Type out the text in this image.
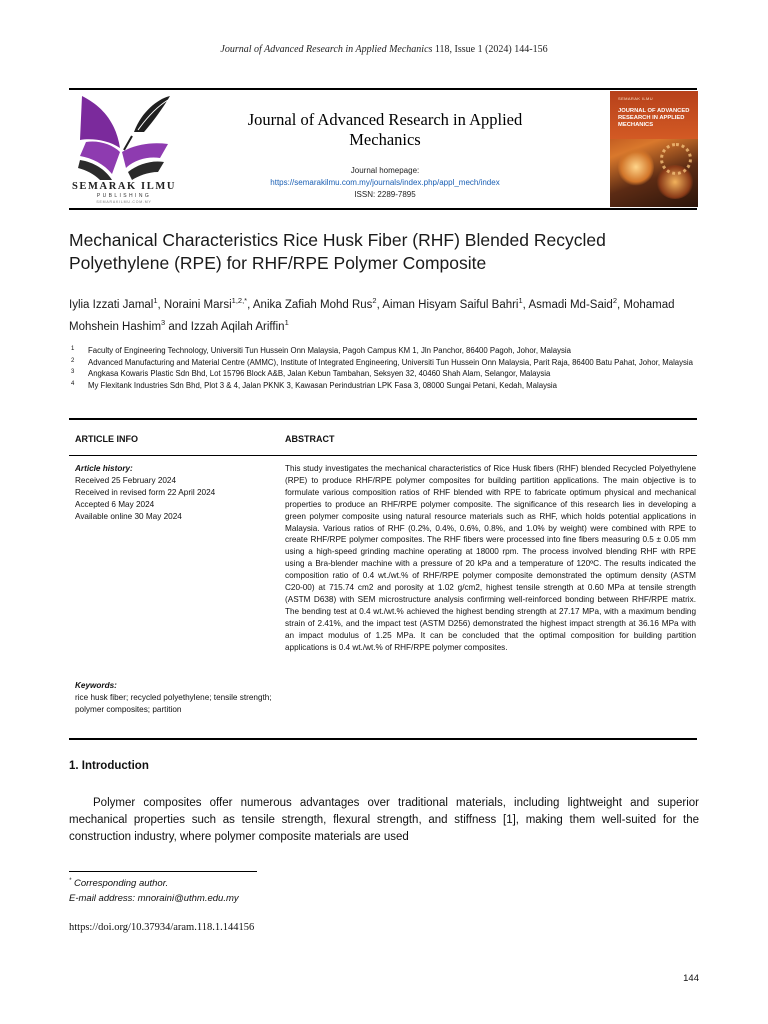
Journal of Advanced Research in Applied Mechanics 118, Issue 1 (2024) 144-156
SEMARAK ILMU
PUBLISHING
SEMARAKILMU.COM.MY
Journal of Advanced Research in Applied Mechanics
Journal homepage:
https://semarakilmu.com.my/journals/index.php/appl_mech/index
ISSN: 2289-7895
SEMARAK ILMU
JOURNAL OF ADVANCED RESEARCH IN APPLIED MECHANICS
Mechanical Characteristics Rice Husk Fiber (RHF) Blended Recycled Polyethylene (RPE) for RHF/RPE Polymer Composite
Iylia Izzati Jamal$^1$, Noraini Marsi$^{1,2,*}$, Anika Zafiah Mohd Rus$^2$, Aiman Hisyam Saiful Bahri$^1$, Asmadi Md-Said$^2$, Mohamad Mohshein Hashim$^3$ and Izzah Aqilah Ariffin$^1$
1 Faculty of Engineering Technology, Universiti Tun Hussein Onn Malaysia, Pagoh Campus KM 1, Jln Panchor, 86400 Pagoh, Johor, Malaysia
2 Advanced Manufacturing and Material Centre (AMMC), Institute of Integrated Engineering, Universiti Tun Hussein Onn Malaysia, Parit Raja, 86400 Batu Pahat, Johor, Malaysia
3 Angkasa Kowaris Plastic Sdn Bhd, Lot 15796 Block A&B, Jalan Kebun Tambahan, Seksyen 32, 40460 Shah Alam, Selangor, Malaysia
4 My Flexitank Industries Sdn Bhd, Plot 3 & 4, Jalan PKNK 3, Kawasan Perindustrian LPK Fasa 3, 08000 Sungai Petani, Kedah, Malaysia
ARTICLE INFO	ABSTRACT
Article history:
Received 25 February 2024
Received in revised form 22 April 2024
Accepted 6 May 2024
Available online 30 May 2024
Keywords:
rice husk fiber; recycled polyethylene; tensile strength; polymer composites; partition
This study investigates the mechanical characteristics of Rice Husk fibers (RHF) blended Recycled Polyethylene (RPE) to produce RHF/RPE polymer composites for building partition applications. The main objective is to formulate various composition ratios of RHF blended with RPE to fabricate optimum physical and mechanical properties to produce an RHF/RPE polymer composite. The significance of this research lies in developing a green polymer composite using natural resource materials such as RHF, which holds potential applications in Malaysia. Various ratios of RHF (0.2%, 0.4%, 0.6%, 0.8%, and 1.0% by weight) were combined with RPE to create RHF/RPE polymer composites. The RHF fibers were processed into fine fibers measuring 0.5 ± 0.05 mm using a high-speed grinding machine operating at 18000 rpm. The process involved blending RHF with RPE using a Bra-blender machine with a pressure of 20 kPa and a temperature of 120ºC. The results indicated the composition ratio of 0.4 wt./wt.% of RHF/RPE polymer composite demonstrated the optimum density (ASTM C20-00) at 715.74 cm2 and porosity at 1.02 g/cm2, highest tensile strength at 0.60 MPa at tensile strength (ASTM D638) with SEM microstructure analysis confirming well-reinforced bonding between RHF/RPE matrix. The bending test at 0.4 wt./wt.% achieved the highest bending strength at 27.17 MPa, with a maximum bending strain of 2.41%, and the impact test (ASTM D256) demonstrated the highest impact strength at 36.16 MPa with an impact modulus of 1.25 MPa. It can be concluded that the optimal composition for building partition applications is 0.4 wt./wt.% of RHF/RPE polymer composites.
1. Introduction
Polymer composites offer numerous advantages over traditional materials, including lightweight and superior mechanical properties such as tensile strength, flexural strength, and stiffness [1], making them well-suited for the construction industry, where polymer composite materials are used
* Corresponding author.
E-mail address: mnoraini@uthm.edu.my
https://doi.org/10.37934/aram.118.1.144156
144
